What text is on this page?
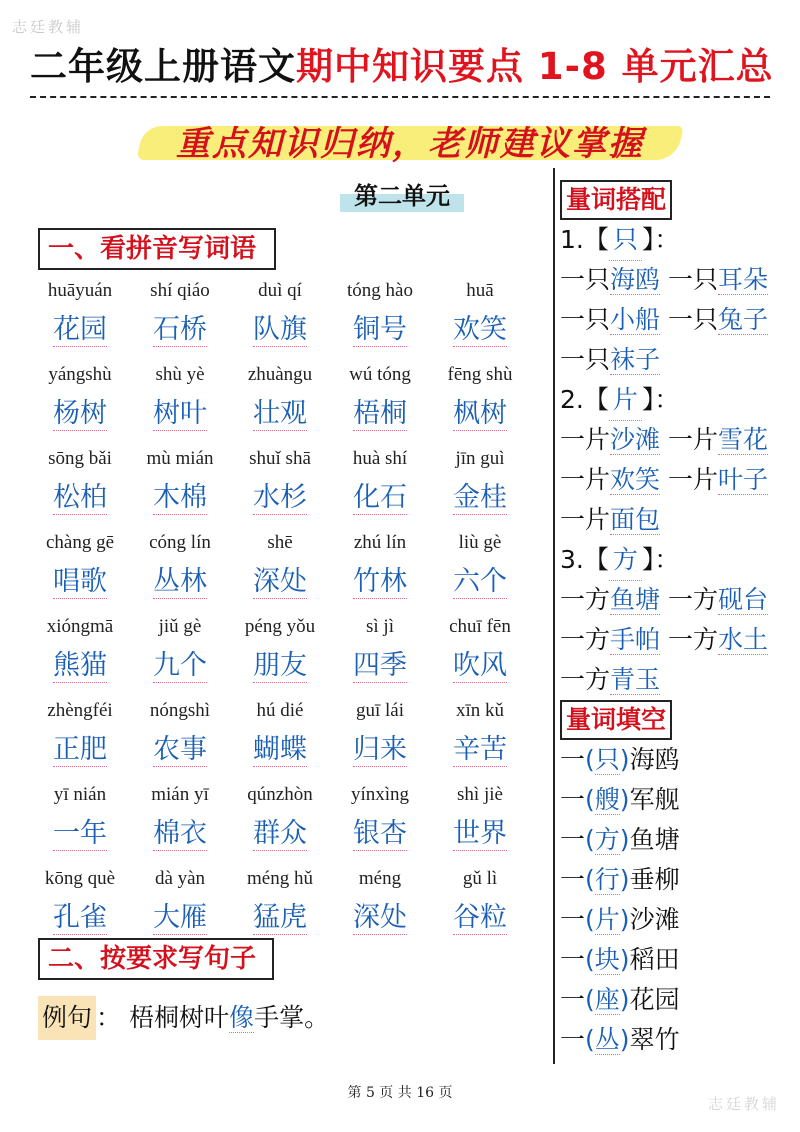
志廷教辅
二年级上册语文期中知识要点 1-8 单元汇总
重点知识归纳，老师建议掌握
第二单元
一、看拼音写词语
huāyuán
花园
shí qiáo
石桥
duì qí
队旗
tóng hào
铜号
huā
欢笑
yángshù
杨树
shù yè
树叶
zhuàngu
壮观
wú tóng
梧桐
fēng shù
枫树
sōng bǎi
松柏
mù mián
木棉
shuǐ shā
水杉
huà shí
化石
jīn guì
金桂
chàng gē
唱歌
cóng lín
丛林
shē
深处
zhú lín
竹林
liù gè
六个
xióngmā
熊猫
jiǔ gè
九个
péng yǒu
朋友
sì jì
四季
chuī fēn
吹风
zhèngféi
正肥
nóngshì
农事
hú dié
蝴蝶
guī lái
归来
xīn kǔ
辛苦
yī nián
一年
mián yī
棉衣
qúnzhòn
群众
yínxìng
银杏
shì jiè
世界
kōng què
孔雀
dà yàn
大雁
méng hǔ
猛虎
méng
深处
gǔ lì
谷粒
二、按要求写句子
例句 ： 梧桐树叶像手掌。
量词搭配
1.【 只 】：
一只海鸥 一只耳朵
一只小船 一只兔子
一只袜子
2.【 片 】：
一片沙滩 一片雪花
一片欢笑 一片叶子
一片面包
3.【 方 】：
一方鱼塘 一方砚台
一方手帕 一方水土
一方青玉
量词填空
一(只)海鸥
一(艘)军舰
一(方)鱼塘
一(行)垂柳
一(片)沙滩
一(块)稻田
一(座)花园
一(丛)翠竹
第 5 页 共 16 页
志廷教辅
